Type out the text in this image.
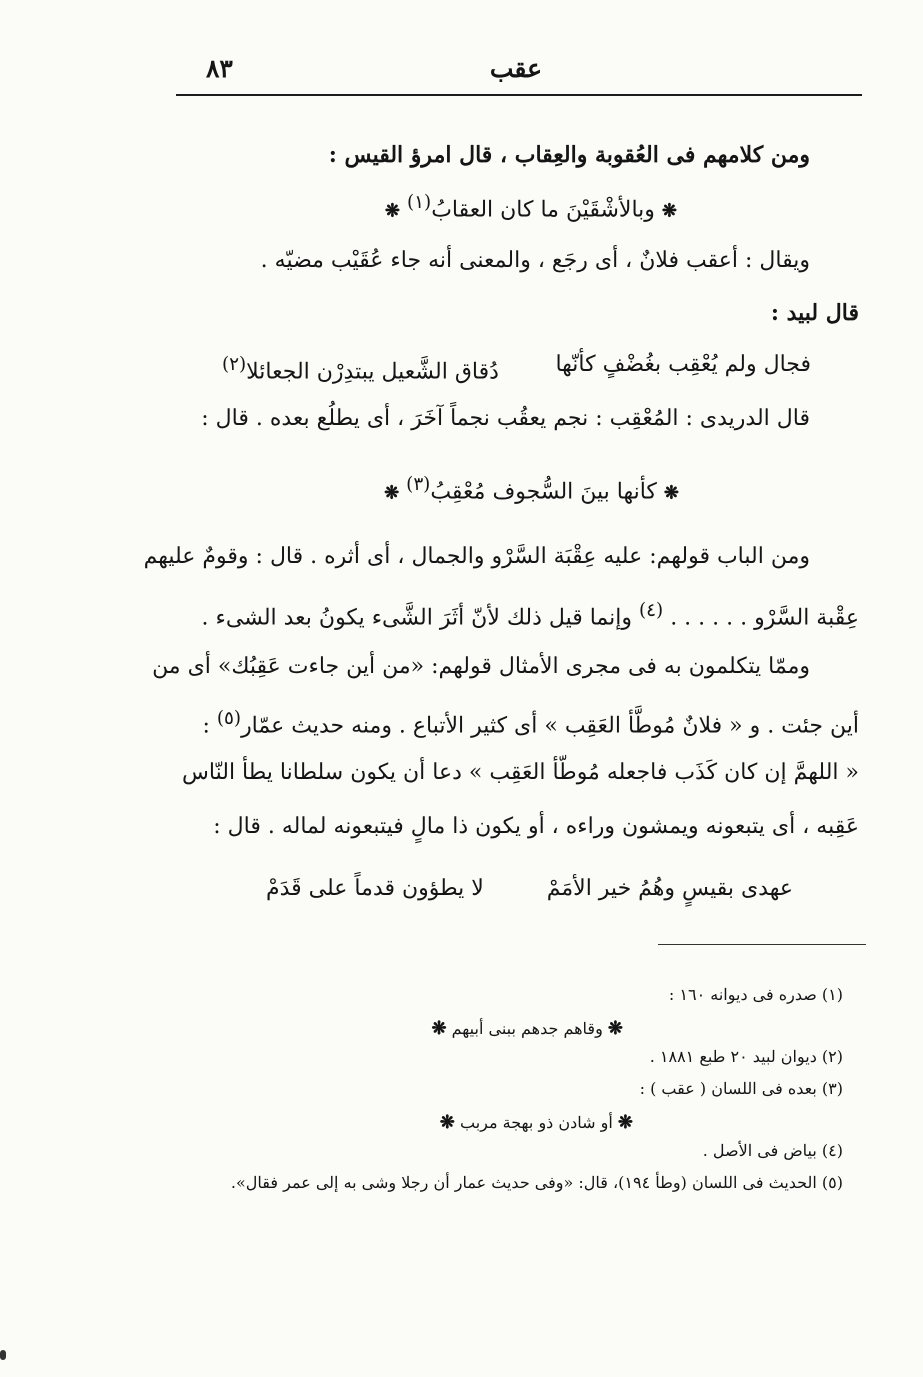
عقب
٨٣
ومن كلامهم فى العُقوبة والعِقاب ، قال امرؤ القيس :
❋ وبالأشْقَيْنَ ما كان العقابُ$^{(١)}$ ❋
ويقال : أعقب فلانٌ ، أى رجَع ، والمعنى أنه جاء عُقَيْب مضيّه .
قال لبيد :
فجال ولم يُعْقِب بغُضْفٍ كأنّها
دُقاق الشَّعيل يبتدِرْن الجعائلا$^{(٢)}$
قال الدريدى : المُعْقِب : نجم يعقُب نجماً آخَرَ ، أى يطلُع بعده . قال :
❋ كأنها بينَ السُّجوف مُعْقِبُ$^{(٣)}$ ❋
ومن الباب قولهم: عليه عِقْبَة السَّرْو والجمال ، أى أثره . قال : وقومٌ عليهم
عِقْبة السَّرْو . . . . . . $^{(٤)}$ وإنما قيل ذلك لأنّ أثَرَ الشَّىء يكونُ بعد الشىء .
وممّا يتكلمون به فى مجرى الأمثال قولهم: «من أين جاءت عَقِبُك» أى من
أين جئت . و « فلانٌ مُوطَّأ العَقِب » أى كثير الأتباع . ومنه حديث عمّار$^{(٥)}$ :
« اللهمَّ إن كان كَذَب فاجعله مُوطّأ العَقِب » دعا أن يكون سلطانا يطأ النّاس
عَقِبه ، أى يتبعونه ويمشون وراءه ، أو يكون ذا مالٍ فيتبعونه لماله . قال :
عهدى بقيسٍ وهُمُ خير الأمَمْ
لا يطؤون قدماً على قَدَمْ
(١) صدره فى ديوانه ١٦٠ :
❋ وقاهم جدهم ببنى أبيهم ❋
(٢) ديوان لبيد ٢٠ طبع ١٨٨١ .
(٣) بعده فى اللسان ( عقب ) :
❋ أو شادن ذو بهجة مربب ❋
(٤) بياض فى الأصل .
(٥) الحديث فى اللسان (وطأ ١٩٤)، قال: «وفى حديث عمار أن رجلا وشى به إلى عمر فقال».
